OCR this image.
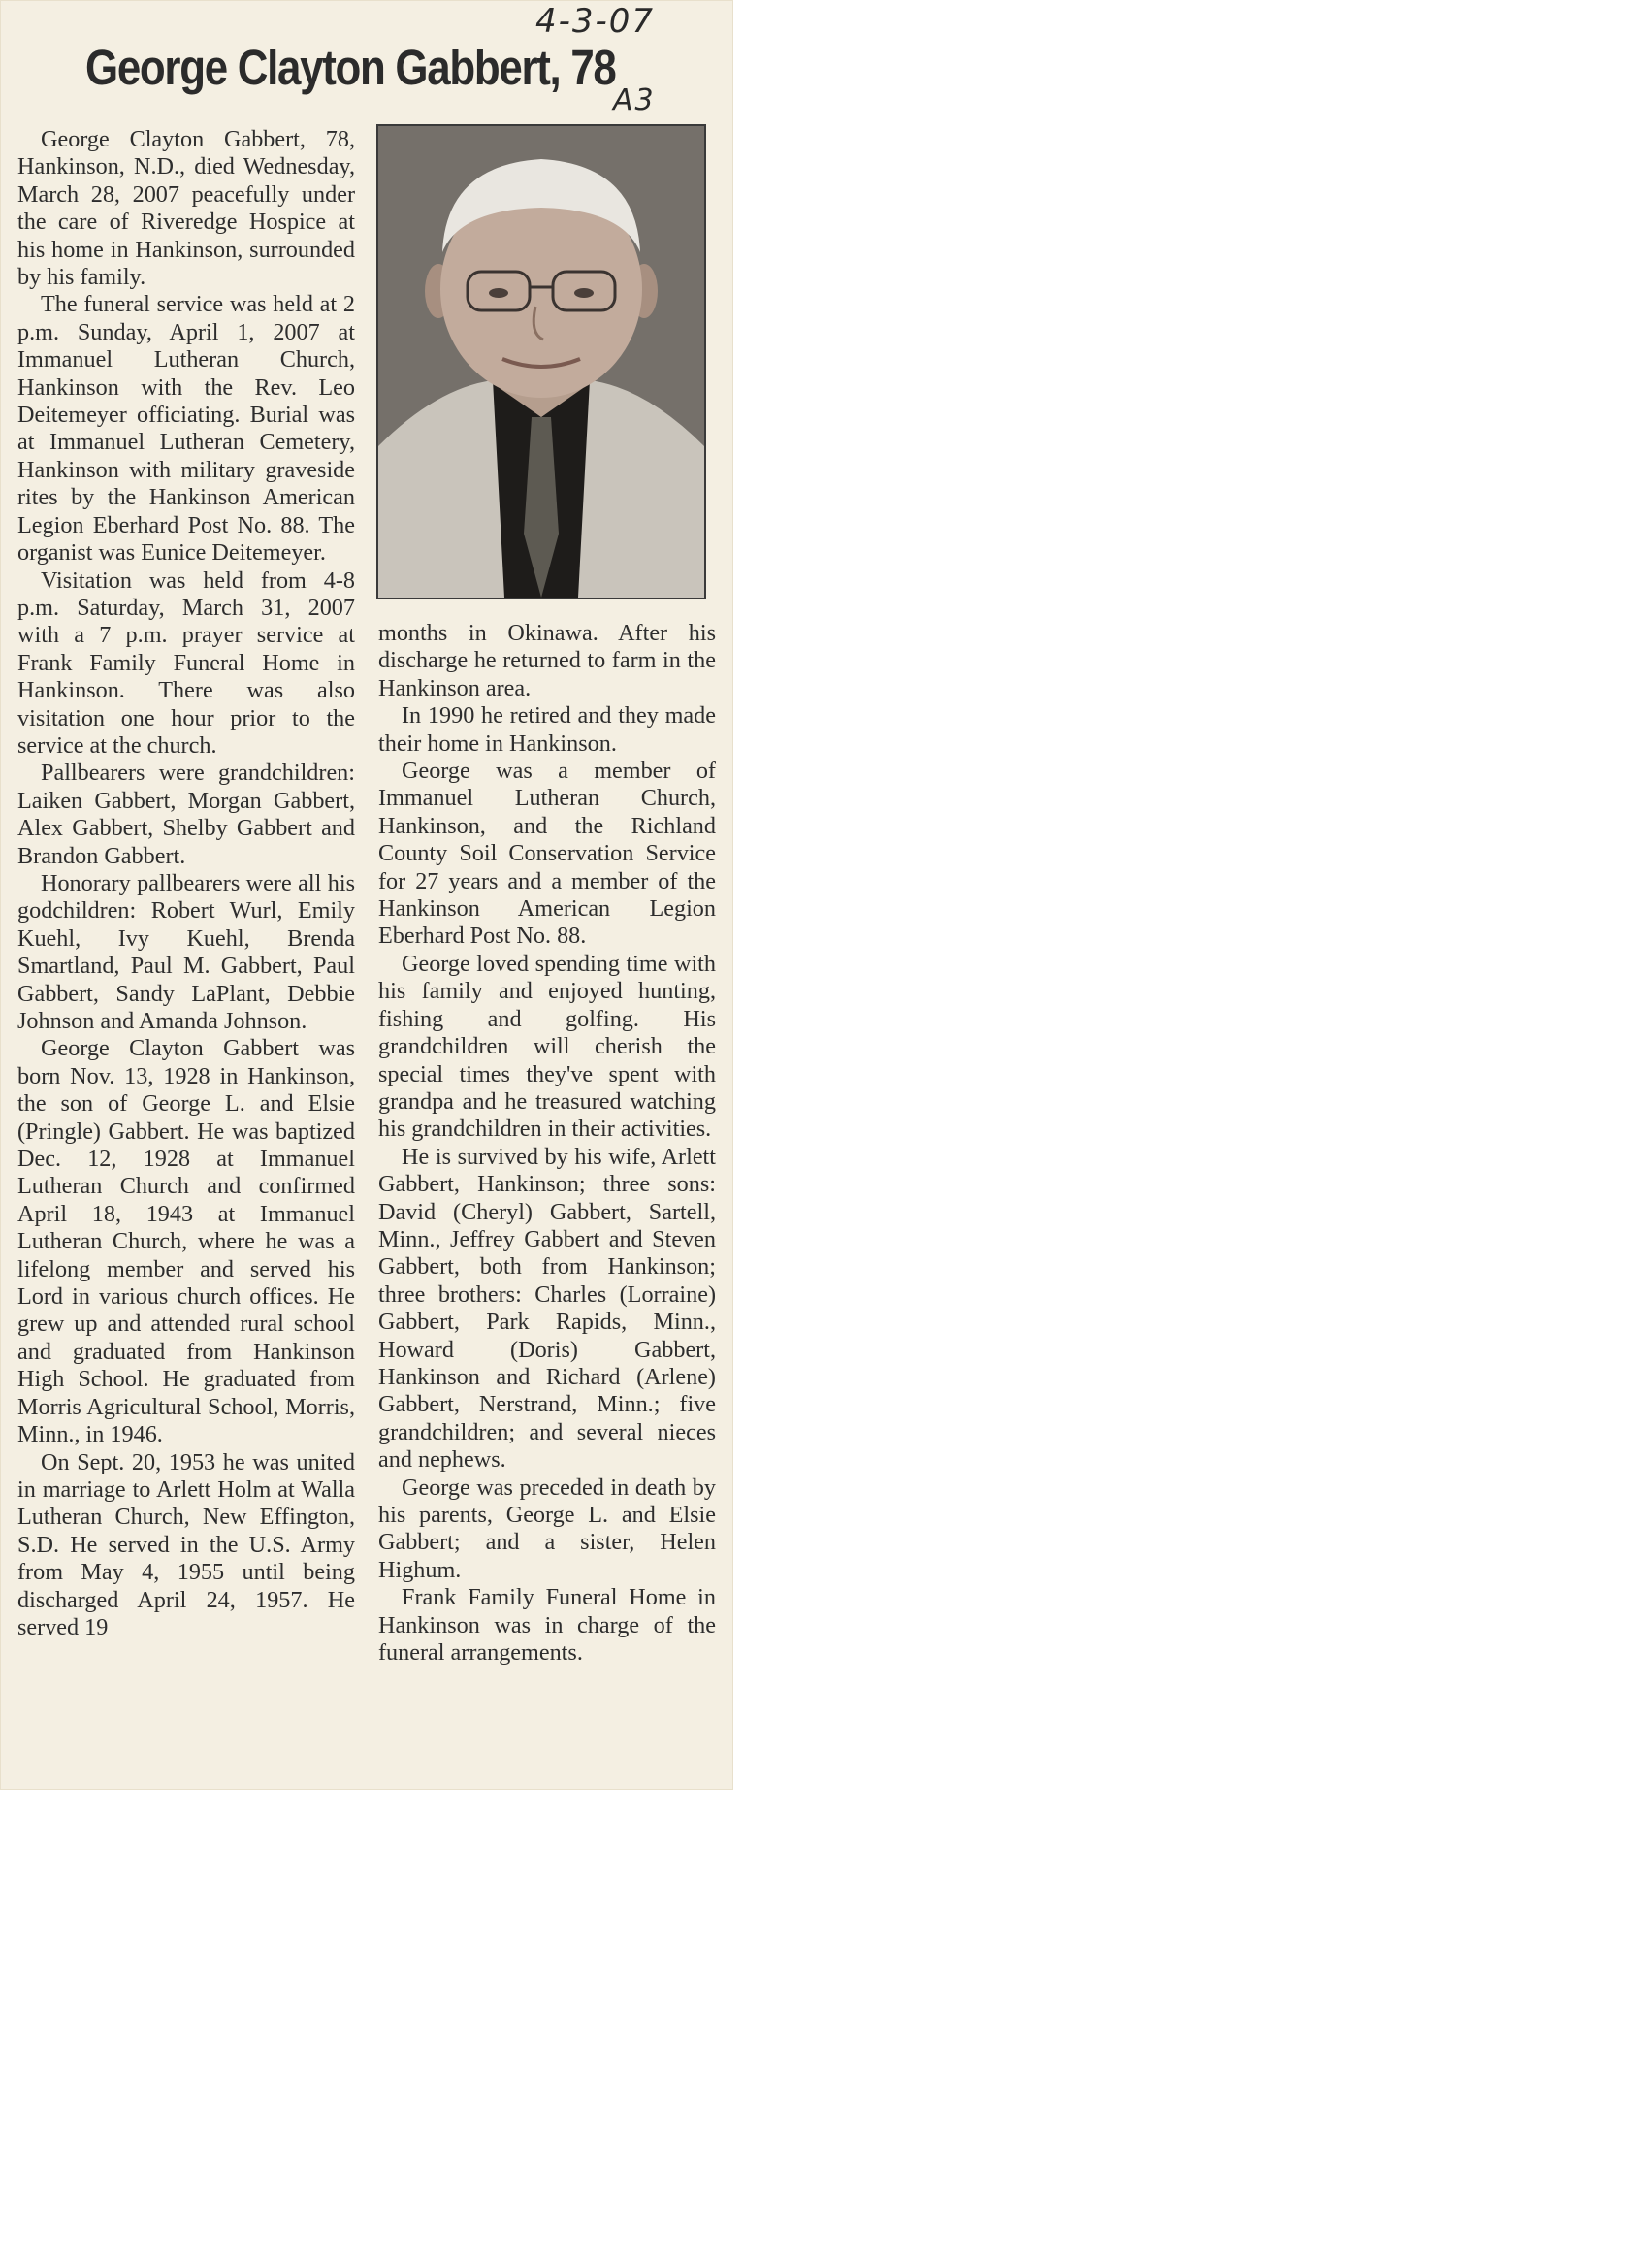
4-3-07
A3
George Clayton Gabbert, 78

George Clayton Gabbert, 78, Hankinson, N.D., died Wednesday, March 28, 2007 peacefully under the care of Riveredge Hospice at his home in Hankinson, surrounded by his family.

The funeral service was held at 2 p.m. Sunday, April 1, 2007 at Immanuel Lutheran Church, Hankinson with the Rev. Leo Deitemeyer officiating. Burial was at Immanuel Lutheran Cemetery, Hankinson with military graveside rites by the Hankinson American Legion Eberhard Post No. 88. The organist was Eunice Deitemeyer.

Visitation was held from 4-8 p.m. Saturday, March 31, 2007 with a 7 p.m. prayer service at Frank Family Funeral Home in Hankinson. There was also visitation one hour prior to the service at the church.

Pallbearers were grandchildren: Laiken Gabbert, Morgan Gabbert, Alex Gabbert, Shelby Gabbert and Brandon Gabbert.

Honorary pallbearers were all his godchildren: Robert Wurl, Emily Kuehl, Ivy Kuehl, Brenda Smartland, Paul M. Gabbert, Paul Gabbert, Sandy LaPlant, Debbie Johnson and Amanda Johnson.

George Clayton Gabbert was born Nov. 13, 1928 in Hankinson, the son of George L. and Elsie (Pringle) Gabbert. He was baptized Dec. 12, 1928 at Immanuel Lutheran Church and confirmed April 18, 1943 at Immanuel Lutheran Church, where he was a lifelong member and served his Lord in various church offices. He grew up and attended rural school and graduated from Hankinson High School. He graduated from Morris Agricultural School, Morris, Minn., in 1946.

On Sept. 20, 1953 he was united in marriage to Arlett Holm at Walla Lutheran Church, New Effington, S.D. He served in the U.S. Army from May 4, 1955 until being discharged April 24, 1957. He served 19

months in Okinawa. After his discharge he returned to farm in the Hankinson area.

In 1990 he retired and they made their home in Hankinson.

George was a member of Immanuel Lutheran Church, Hankinson, and the Richland County Soil Conservation Service for 27 years and a member of the Hankinson American Legion Eberhard Post No. 88.

George loved spending time with his family and enjoyed hunting, fishing and golfing. His grandchildren will cherish the special times they've spent with grandpa and he treasured watching his grandchildren in their activities.

He is survived by his wife, Arlett Gabbert, Hankinson; three sons: David (Cheryl) Gabbert, Sartell, Minn., Jeffrey Gabbert and Steven Gabbert, both from Hankinson; three brothers: Charles (Lorraine) Gabbert, Park Rapids, Minn., Howard (Doris) Gabbert, Hankinson and Richard (Arlene) Gabbert, Nerstrand, Minn.; five grandchildren; and several nieces and nephews.

George was preceded in death by his parents, George L. and Elsie Gabbert; and a sister, Helen Highum.

Frank Family Funeral Home in Hankinson was in charge of the funeral arrangements.
